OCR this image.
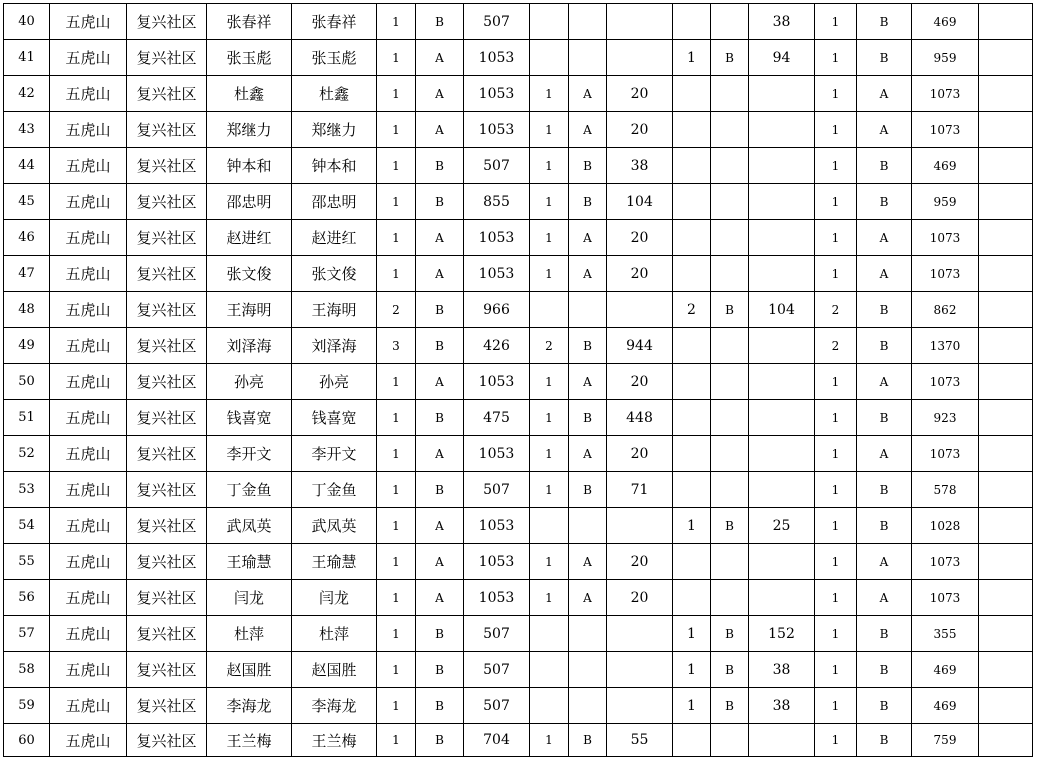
40	五虎山	复兴社区	张春祥	张春祥	1	B	507						38	1	B	469	
41	五虎山	复兴社区	张玉彪	张玉彪	1	A	1053				1	B	94	1	B	959	
42	五虎山	复兴社区	杜鑫	杜鑫	1	A	1053	1	A	20				1	A	1073	
43	五虎山	复兴社区	郑继力	郑继力	1	A	1053	1	A	20				1	A	1073	
44	五虎山	复兴社区	钟本和	钟本和	1	B	507	1	B	38				1	B	469	
45	五虎山	复兴社区	邵忠明	邵忠明	1	B	855	1	B	104				1	B	959	
46	五虎山	复兴社区	赵进红	赵进红	1	A	1053	1	A	20				1	A	1073	
47	五虎山	复兴社区	张文俊	张文俊	1	A	1053	1	A	20				1	A	1073	
48	五虎山	复兴社区	王海明	王海明	2	B	966				2	B	104	2	B	862	
49	五虎山	复兴社区	刘泽海	刘泽海	3	B	426	2	B	944				2	B	1370	
50	五虎山	复兴社区	孙亮	孙亮	1	A	1053	1	A	20				1	A	1073	
51	五虎山	复兴社区	钱喜宽	钱喜宽	1	B	475	1	B	448				1	B	923	
52	五虎山	复兴社区	李开文	李开文	1	A	1053	1	A	20				1	A	1073	
53	五虎山	复兴社区	丁金鱼	丁金鱼	1	B	507	1	B	71				1	B	578	
54	五虎山	复兴社区	武凤英	武凤英	1	A	1053				1	B	25	1	B	1028	
55	五虎山	复兴社区	王瑜慧	王瑜慧	1	A	1053	1	A	20				1	A	1073	
56	五虎山	复兴社区	闫龙	闫龙	1	A	1053	1	A	20				1	A	1073	
57	五虎山	复兴社区	杜萍	杜萍	1	B	507				1	B	152	1	B	355	
58	五虎山	复兴社区	赵国胜	赵国胜	1	B	507				1	B	38	1	B	469	
59	五虎山	复兴社区	李海龙	李海龙	1	B	507				1	B	38	1	B	469	
60	五虎山	复兴社区	王兰梅	王兰梅	1	B	704	1	B	55				1	B	759	
